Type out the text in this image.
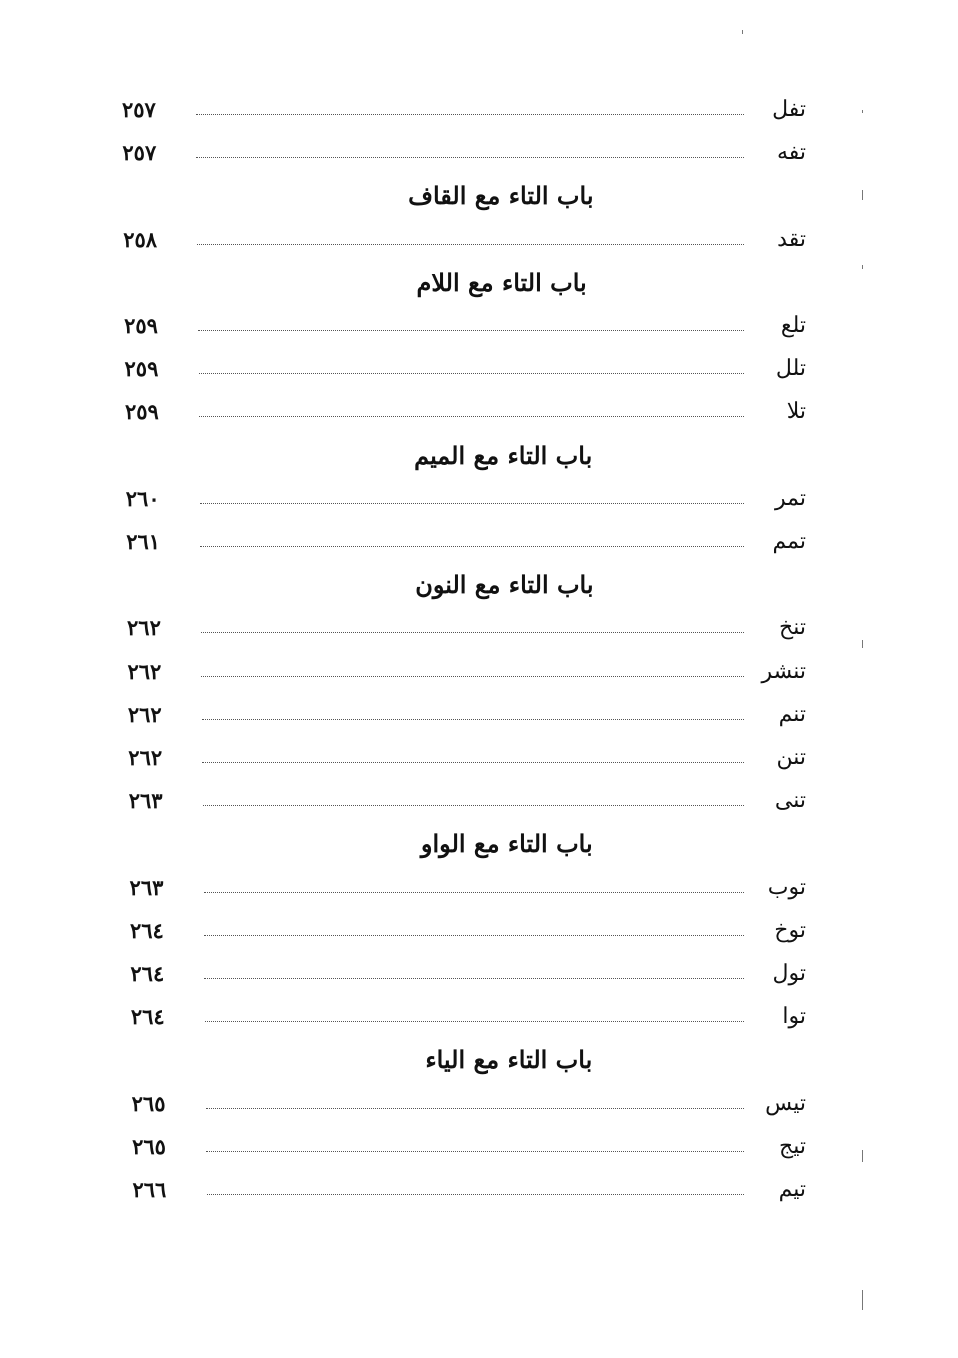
٢٥٧	تفل
٢٥٧	تفه
باب التاء مع القاف
٢٥٨	تقد
باب التاء مع اللام
٢٥٩	تلع
٢٥٩	تلل
٢٥٩	تلا
باب التاء مع الميم
٢٦٠	تمر
٢٦١	تمم
باب التاء مع النون
٢٦٢	تنخ
٢٦٢	تنشر
٢٦٢	تنم
٢٦٢	تنن
٢٦٣	تنى
باب التاء مع الواو
٢٦٣	توب
٢٦٤	توخ
٢٦٤	تول
٢٦٤	توا
باب التاء مع الياء
٢٦٥	تيس
٢٦٥	تيج
٢٦٦	تيم
